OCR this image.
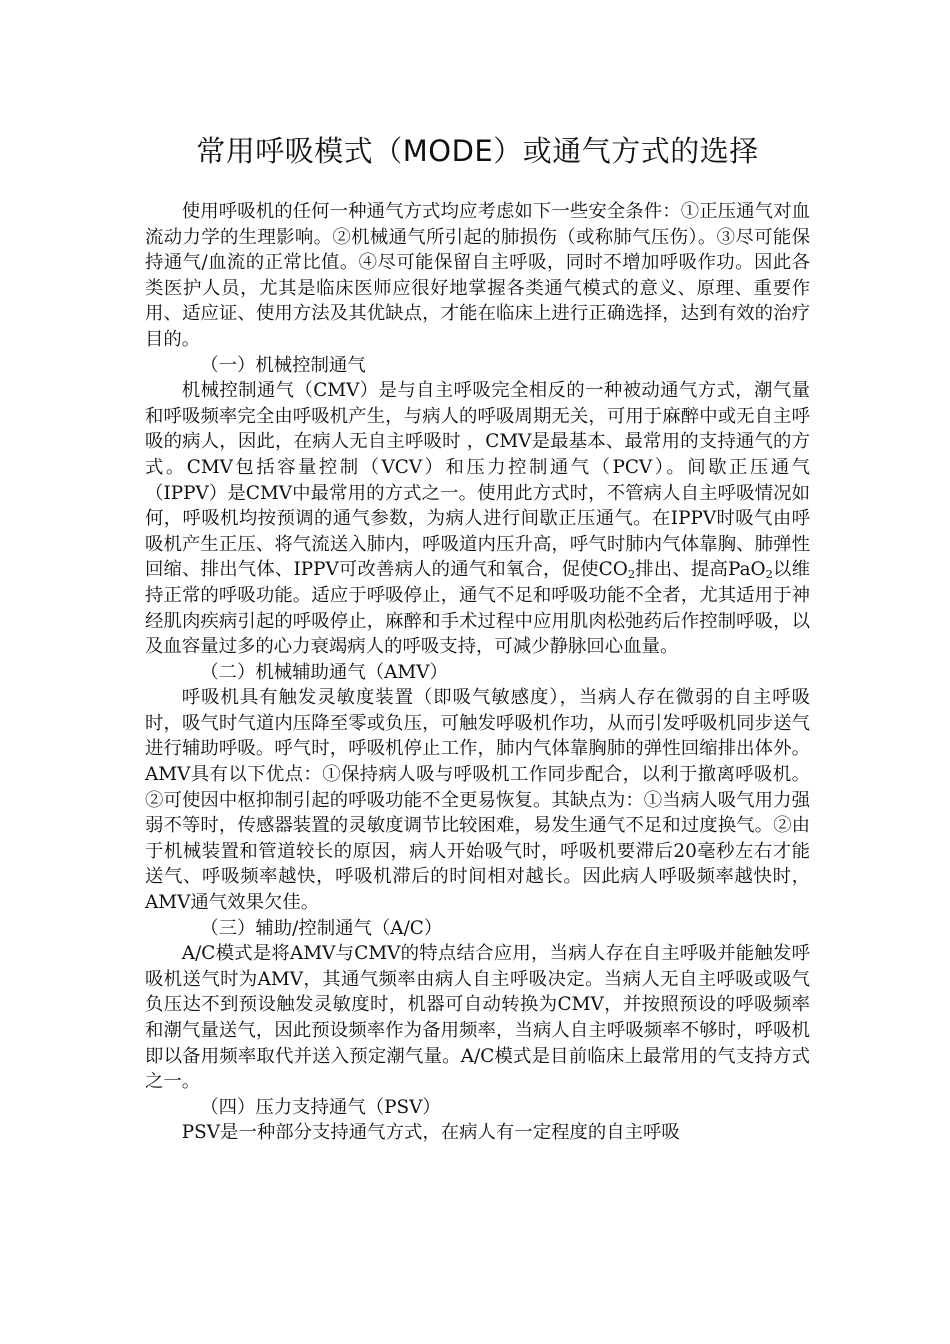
常用呼吸模式（MODE）或通气方式的选择

使用呼吸机的任何一种通气方式均应考虑如下一些安全条件：①正压通气对血流动力学的生理影响。②机械通气所引起的肺损伤（或称肺气压伤）。③尽可能保持通气/血流的正常比值。④尽可能保留自主呼吸，同时不增加呼吸作功。因此各类医护人员，尤其是临床医师应很好地掌握各类通气模式的意义、原理、重要作用、适应证、使用方法及其优缺点，才能在临床上进行正确选择，达到有效的治疗目的。

（一）机械控制通气

机械控制通气（CMV）是与自主呼吸完全相反的一种被动通气方式，潮气量和呼吸频率完全由呼吸机产生，与病人的呼吸周期无关，可用于麻醉中或无自主呼吸的病人，因此，在病人无自主呼吸时 ，CMV是最基本、最常用的支持通气的方式。CMV包括容量控制（VCV）和压力控制通气（PCV）。间歇正压通气（IPPV）是CMV中最常用的方式之一。使用此方式时，不管病人自主呼吸情况如何，呼吸机均按预调的通气参数，为病人进行间歇正压通气。在IPPV时吸气由呼吸机产生正压、将气流送入肺内，呼吸道内压升高，呼气时肺内气体靠胸、肺弹性回缩、排出气体、IPPV可改善病人的通气和氧合，促使$CO_2$排出、提高PaO$_2$以维持正常的呼吸功能。适应于呼吸停止，通气不足和呼吸功能不全者，尤其适用于神经肌肉疾病引起的呼吸停止，麻醉和手术过程中应用肌肉松弛药后作控制呼吸，以及血容量过多的心力衰竭病人的呼吸支持，可减少静脉回心血量。

（二）机械辅助通气（AMV）

呼吸机具有触发灵敏度装置（即吸气敏感度），当病人存在微弱的自主呼吸时，吸气时气道内压降至零或负压，可触发呼吸机作功，从而引发呼吸机同步送气进行辅助呼吸。呼气时，呼吸机停止工作，肺内气体靠胸肺的弹性回缩排出体外。AMV具有以下优点：①保持病人吸与呼吸机工作同步配合，以利于撤离呼吸机。②可使因中枢抑制引起的呼吸功能不全更易恢复。其缺点为：①当病人吸气用力强弱不等时，传感器装置的灵敏度调节比较困难，易发生通气不足和过度换气。②由于机械装置和管道较长的原因，病人开始吸气时，呼吸机要滞后20毫秒左右才能送气、呼吸频率越快，呼吸机滞后的时间相对越长。因此病人呼吸频率越快时，AMV通气效果欠佳。

（三）辅助/控制通气（A/C）

A/C模式是将AMV与CMV的特点结合应用，当病人存在自主呼吸并能触发呼吸机送气时为AMV，其通气频率由病人自主呼吸决定。当病人无自主呼吸或吸气负压达不到预设触发灵敏度时，机器可自动转换为CMV，并按照预设的呼吸频率和潮气量送气，因此预设频率作为备用频率，当病人自主呼吸频率不够时，呼吸机即以备用频率取代并送入预定潮气量。A/C模式是目前临床上最常用的气支持方式之一。

（四）压力支持通气（PSV）

PSV是一种部分支持通气方式，在病人有一定程度的自主呼吸
